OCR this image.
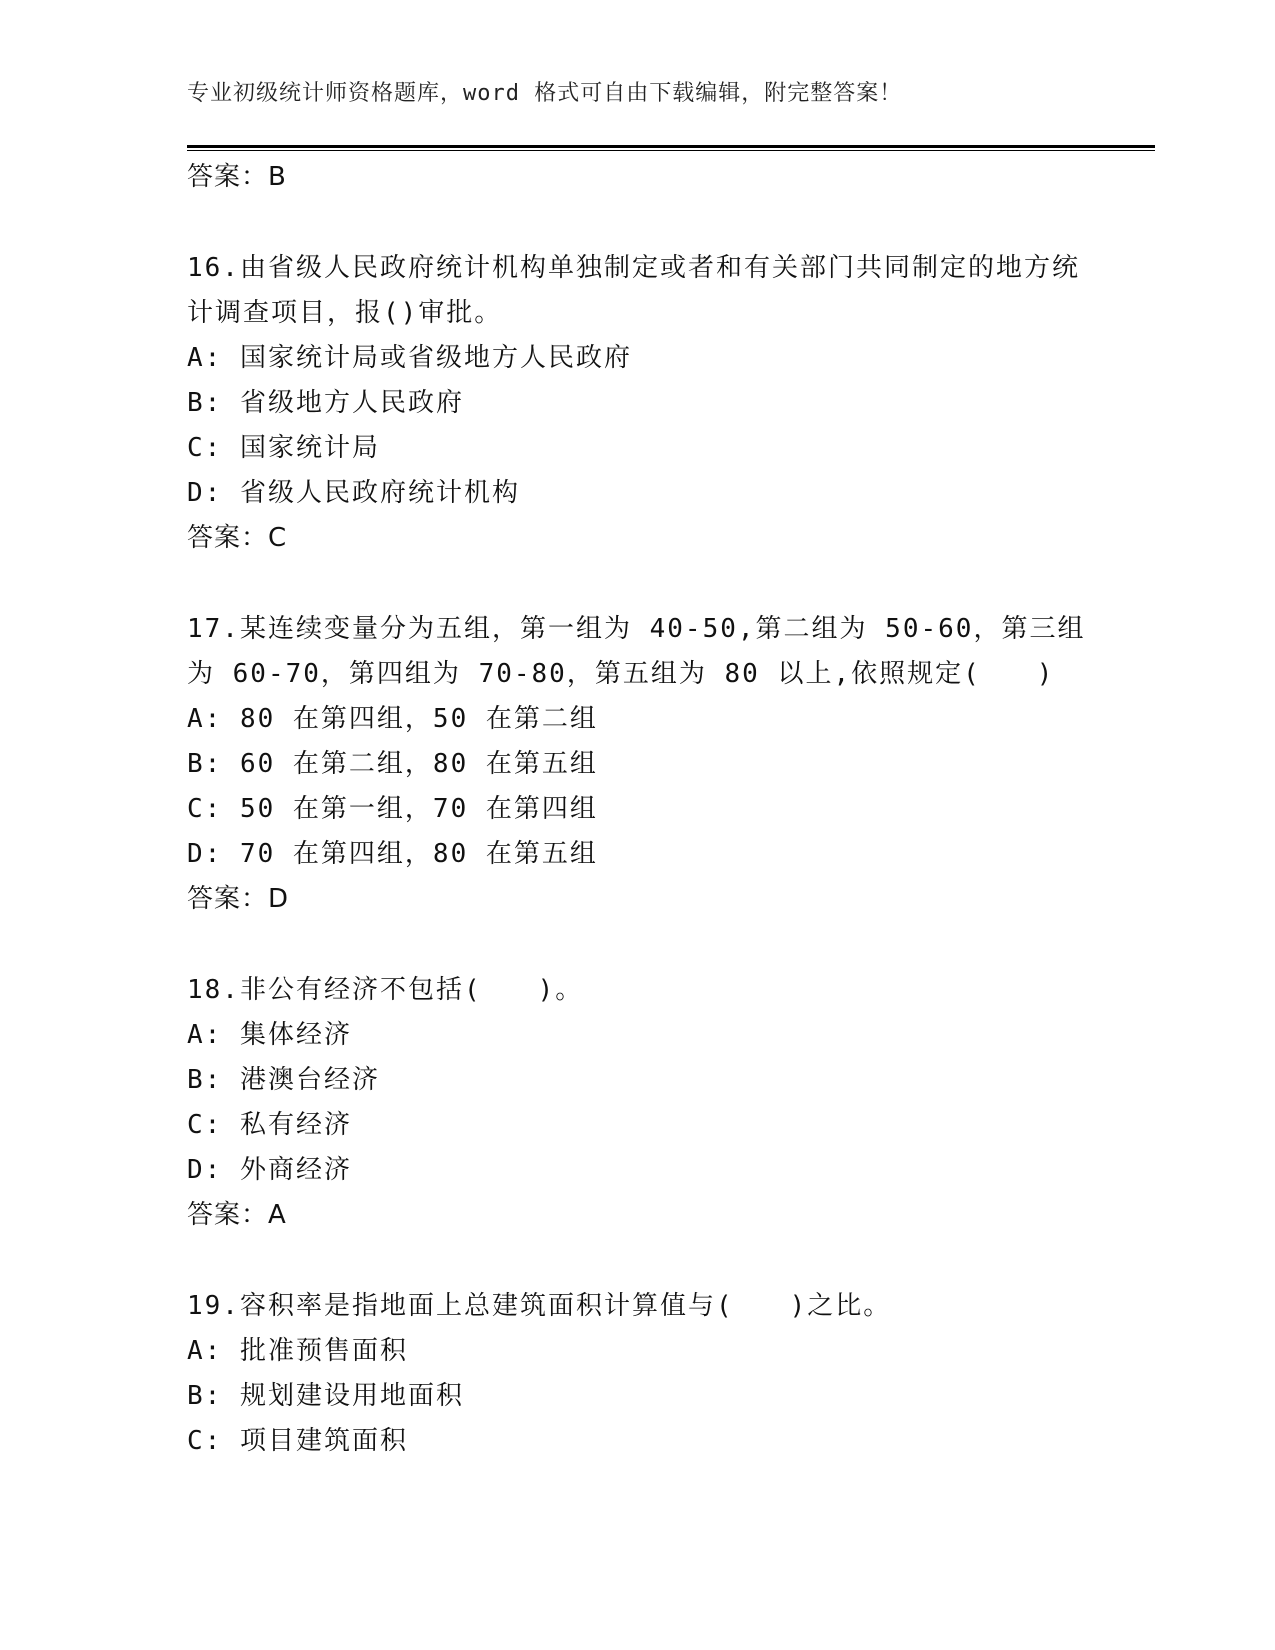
专业初级统计师资格题库，word 格式可自由下载编辑，附完整答案！
答案：B
16.由省级人民政府统计机构单独制定或者和有关部门共同制定的地方统计调查项目，报()审批。
A: 国家统计局或省级地方人民政府
B: 省级地方人民政府
C: 国家统计局
D: 省级人民政府统计机构
答案：C
17.某连续变量分为五组，第一组为 40-50,第二组为 50-60，第三组为 60-70，第四组为 70-80，第五组为 80 以上,依照规定(　　)
A: 80 在第四组，50 在第二组
B: 60 在第二组，80 在第五组
C: 50 在第一组，70 在第四组
D: 70 在第四组，80 在第五组
答案：D
18.非公有经济不包括(　　)。
A: 集体经济
B: 港澳台经济
C: 私有经济
D: 外商经济
答案：A
19.容积率是指地面上总建筑面积计算值与(　　)之比。
A: 批准预售面积
B: 规划建设用地面积
C: 项目建筑面积
